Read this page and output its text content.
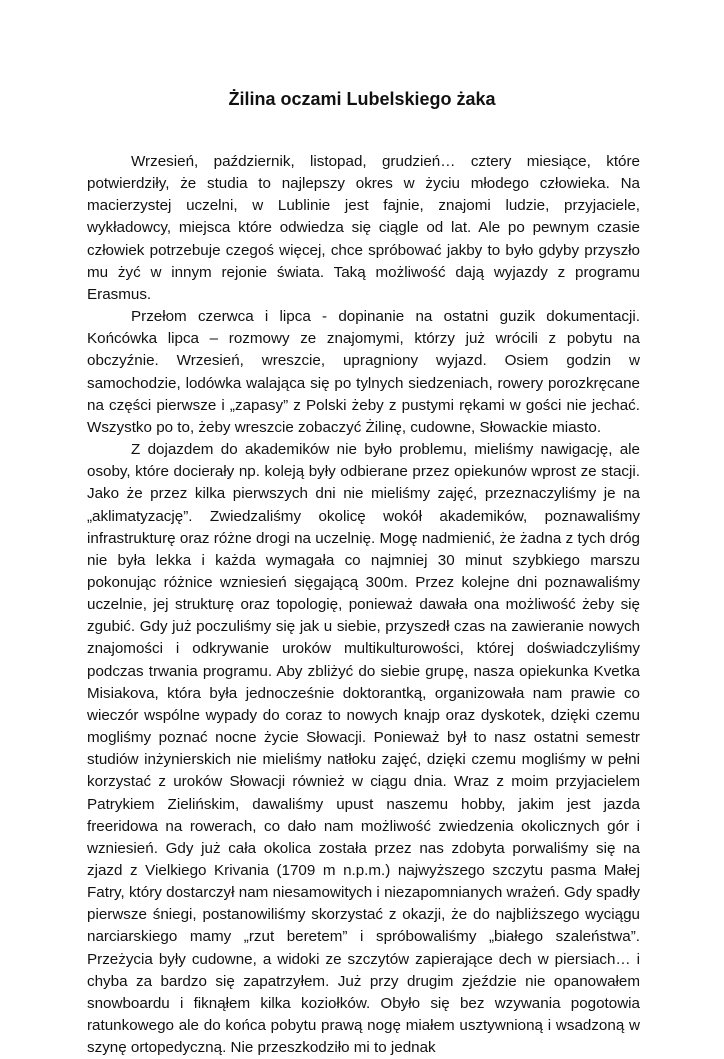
Żilina oczami Lubelskiego żaka

Wrzesień, październik, listopad, grudzień… cztery miesiące, które potwierdziły, że studia to najlepszy okres w życiu młodego człowieka. Na macierzystej uczelni, w Lublinie jest fajnie, znajomi ludzie, przyjaciele, wykładowcy, miejsca które odwiedza się ciągle od lat. Ale po pewnym czasie człowiek potrzebuje czegoś więcej, chce spróbować jakby to było gdyby przyszło mu żyć w innym rejonie świata. Taką możliwość dają wyjazdy z programu Erasmus.

Przełom czerwca i lipca - dopinanie na ostatni guzik dokumentacji. Końcówka lipca – rozmowy ze znajomymi, którzy już wrócili z pobytu na obczyźnie. Wrzesień, wreszcie, upragniony wyjazd. Osiem godzin w samochodzie, lodówka walająca się po tylnych siedzeniach, rowery porozkręcane na części pierwsze i „zapasy” z Polski żeby z pustymi rękami w gości nie jechać. Wszystko po to, żeby wreszcie zobaczyć Żilinę, cudowne, Słowackie miasto.

Z dojazdem do akademików nie było problemu, mieliśmy nawigację, ale osoby, które docierały np. koleją były odbierane przez opiekunów wprost ze stacji. Jako że przez kilka pierwszych dni nie mieliśmy zajęć, przeznaczyliśmy je na „aklimatyzację”. Zwiedzaliśmy okolicę wokół akademików, poznawaliśmy infrastrukturę oraz różne drogi na uczelnię. Mogę nadmienić, że żadna z tych dróg nie była lekka i każda wymagała co najmniej 30 minut szybkiego marszu pokonując różnice wzniesień sięgającą 300m. Przez kolejne dni poznawaliśmy uczelnie, jej strukturę oraz topologię, ponieważ dawała ona możliwość żeby się zgubić. Gdy już poczuliśmy się jak u siebie, przyszedł czas na zawieranie nowych znajomości i odkrywanie uroków multikulturowości, której doświadczyliśmy podczas trwania programu. Aby zbliżyć do siebie grupę, nasza opiekunka Kvetka Misiakova, która była jednocześnie doktorantką, organizowała nam prawie co wieczór wspólne wypady do coraz to nowych knajp oraz dyskotek, dzięki czemu mogliśmy poznać nocne życie Słowacji. Ponieważ był to nasz ostatni semestr studiów inżynierskich nie mieliśmy natłoku zajęć, dzięki czemu mogliśmy w pełni korzystać z uroków Słowacji również w ciągu dnia. Wraz z moim przyjacielem Patrykiem Zielińskim, dawaliśmy upust naszemu hobby, jakim jest jazda freeridowa na rowerach, co dało nam możliwość zwiedzenia okolicznych gór i wzniesień. Gdy już cała okolica została przez nas zdobyta porwaliśmy się na zjazd z Vielkiego Krivania (1709 m n.p.m.) najwyższego szczytu pasma Małej Fatry, który dostarczył nam niesamowitych i niezapomnianych wrażeń. Gdy spadły pierwsze śniegi, postanowiliśmy skorzystać z okazji, że do najbliższego wyciągu narciarskiego mamy „rzut beretem” i spróbowaliśmy „białego szaleństwa”. Przeżycia były cudowne, a widoki ze szczytów zapierające dech w piersiach… i chyba za bardzo się zapatrzyłem. Już przy drugim zjeździe nie opanowałem snowboardu i fiknąłem kilka koziołków. Obyło się bez wzywania pogotowia ratunkowego ale do końca pobytu prawą nogę miałem usztywnioną i wsadzoną w szynę ortopedyczną. Nie przeszkodziło mi to jednak
